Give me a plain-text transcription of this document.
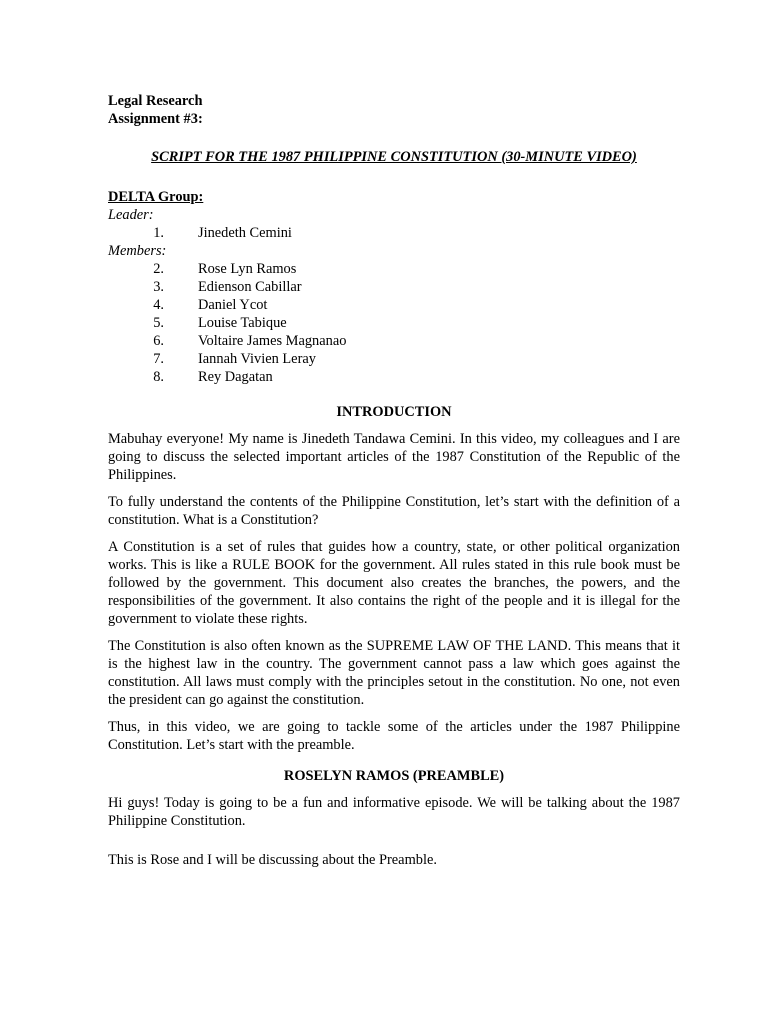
Legal Research
Assignment #3:
SCRIPT FOR THE 1987 PHILIPPINE CONSTITUTION (30-MINUTE VIDEO)
DELTA Group:
Leader:
1.	Jinedeth Cemini
Members:
2.	Rose Lyn Ramos
3.	Edienson Cabillar
4.	Daniel Ycot
5.	Louise Tabique
6.	Voltaire James Magnanao
7.	Iannah Vivien Leray
8.	Rey Dagatan
INTRODUCTION

Mabuhay everyone! My name is Jinedeth Tandawa Cemini. In this video, my colleagues and I are going to discuss the selected important articles of the 1987 Constitution of the Republic of the Philippines.

To fully understand the contents of the Philippine Constitution, let’s start with the definition of a constitution. What is a Constitution?

A Constitution is a set of rules that guides how a country, state, or other political organization works. This is like a RULE BOOK for the government. All rules stated in this rule book must be followed by the government. This document also creates the branches, the powers, and the responsibilities of the government. It also contains the right of the people and it is illegal for the government to violate these rights.

The Constitution is also often known as the SUPREME LAW OF THE LAND. This means that it is the highest law in the country. The government cannot pass a law which goes against the constitution. All laws must comply with the principles setout in the constitution. No one, not even the president can go against the constitution.

Thus, in this video, we are going to tackle some of the articles under the 1987 Philippine Constitution. Let’s start with the preamble.

ROSELYN RAMOS (PREAMBLE)

Hi guys! Today is going to be a fun and informative episode. We will be talking about the 1987 Philippine Constitution.

This is Rose and I will be discussing about the Preamble.
